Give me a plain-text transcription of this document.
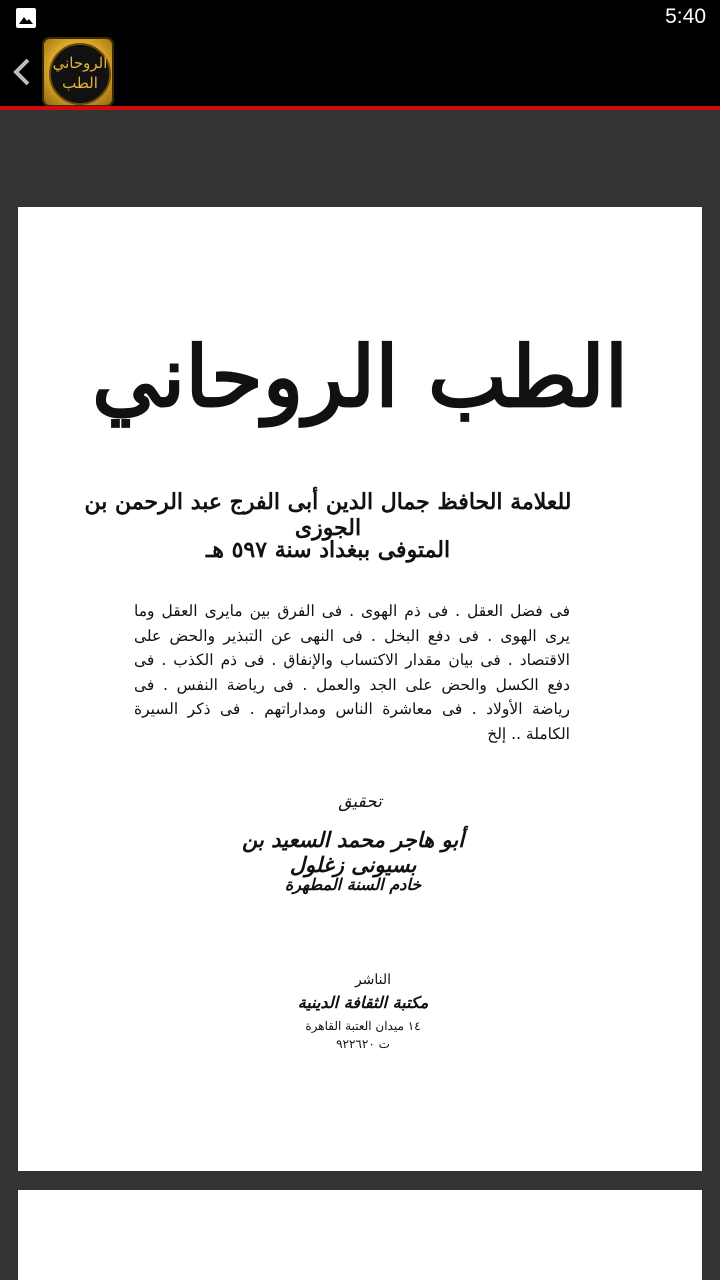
5:40
الروحاني
الطب
الطب الروحاني
للعلامة الحافظ جمال الدين أبى الفرج عبد الرحمن بن الجوزى
المتوفى ببغداد سنة ٥٩٧ هـ
فى فضل العقل . فى ذم الهوى . فى الفرق بين مايرى العقل وما يرى الهوى . فى دفع البخل . فى النهى عن التبذير والحض على الاقتصاد . فى بيان مقدار الاكتساب والإنفاق . فى ذم الكذب . فى دفع الكسل والحض على الجد والعمل . فى رياضة النفس . فى رياضة الأولاد . فى معاشرة الناس ومداراتهم . فى ذكر السيرة الكاملة .. إلخ
تحقيق
أبو هاجر محمد السعيد بن بسيونى زغلول
خادم السنة المطهرة
الناشر
مكتبة الثقافة الدينية
١٤ ميدان العتبة القاهرة
ت ٩٢٢٦٢٠
